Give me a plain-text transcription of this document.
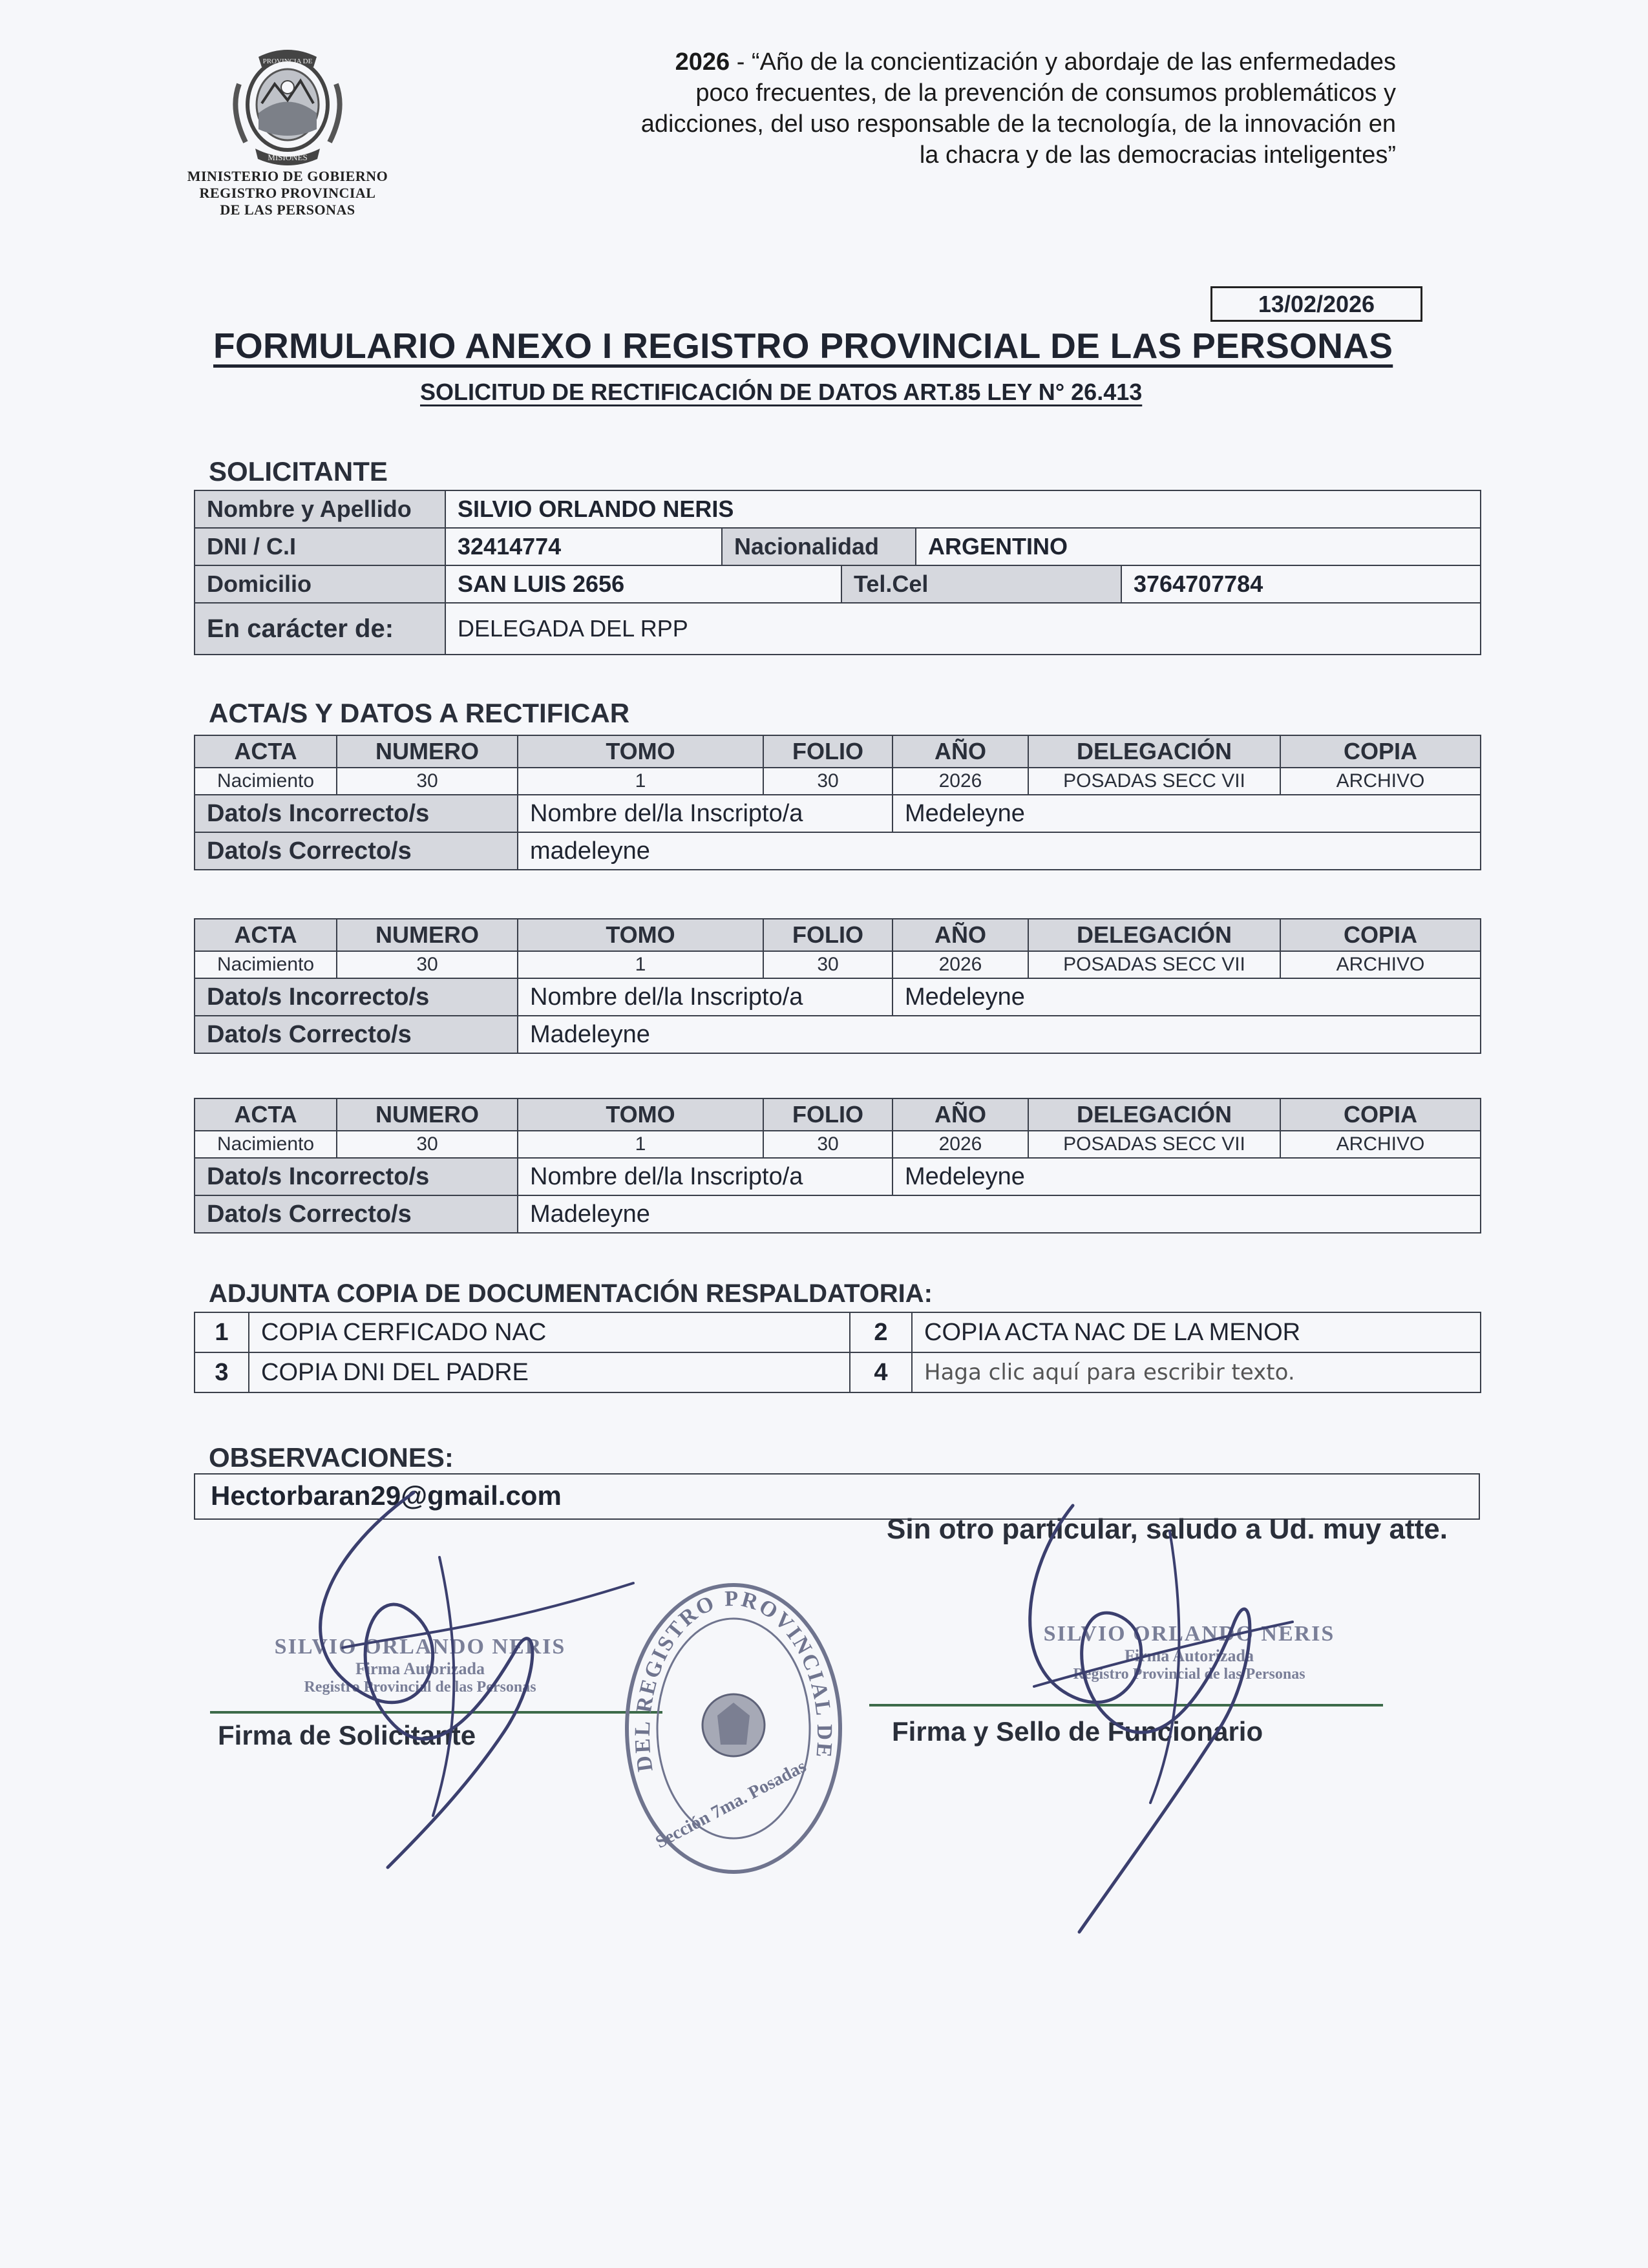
PROVINCIA DE
MISIONES
MINISTERIO DE GOBIERNO
REGISTRO PROVINCIAL
DE LAS PERSONAS
2026 - “Año de la concientización y abordaje de las enfermedades poco frecuentes, de la prevención de consumos problemáticos y adicciones, del uso responsable de la tecnología, de la innovación en la chacra y de las democracias inteligentes”
13/02/2026
FORMULARIO ANEXO I REGISTRO PROVINCIAL DE LAS PERSONAS
SOLICITUD DE RECTIFICACIÓN DE DATOS ART.85 LEY N° 26.413
SOLICITANTE
Nombre y Apellido	SILVIO ORLANDO NERIS				
DNI / C.I	32414774	Nacionalidad		ARGENTINO	
Domicilio	SAN LUIS 2656		Tel.Cel		3764707784
En carácter de:	DELEGADA DEL RPP				
ACTA/S Y DATOS A RECTIFICAR
ACTA	NUMERO	TOMO	FOLIO	AÑO	DELEGACIÓN	COPIA
Nacimiento	30	1	30	2026	POSADAS SECC VII	ARCHIVO
Dato/s Incorrecto/s		Nombre del/la Inscripto/a		Medeleyne		
Dato/s Correcto/s		madeleyne				
ACTA	NUMERO	TOMO	FOLIO	AÑO	DELEGACIÓN	COPIA
Nacimiento	30	1	30	2026	POSADAS SECC VII	ARCHIVO
Dato/s Incorrecto/s		Nombre del/la Inscripto/a		Medeleyne		
Dato/s Correcto/s		Madeleyne				
ACTA	NUMERO	TOMO	FOLIO	AÑO	DELEGACIÓN	COPIA
Nacimiento	30	1	30	2026	POSADAS SECC VII	ARCHIVO
Dato/s Incorrecto/s		Nombre del/la Inscripto/a		Medeleyne		
Dato/s Correcto/s		Madeleyne				
ADJUNTA COPIA DE DOCUMENTACIÓN RESPALDATORIA:
1	COPIA CERFICADO NAC	2	COPIA ACTA NAC DE LA MENOR
3	COPIA DNI DEL PADRE	4	Haga clic aquí para escribir texto.
OBSERVACIONES:
Hectorbaran29@gmail.com
Sin otro particular, saludo a Ud. muy atte.
SILVIO ORLANDO NERIS
Firma Autorizada
Registro Provincial de las Personas
Firma de Solicitante
SILVIO ORLANDO NERIS
Firma Autorizada
Registro Provincial de las Personas
Firma y Sello de Funcionario
DEL REGISTRO PROVINCIAL DE
Sección 7ma. Posadas
